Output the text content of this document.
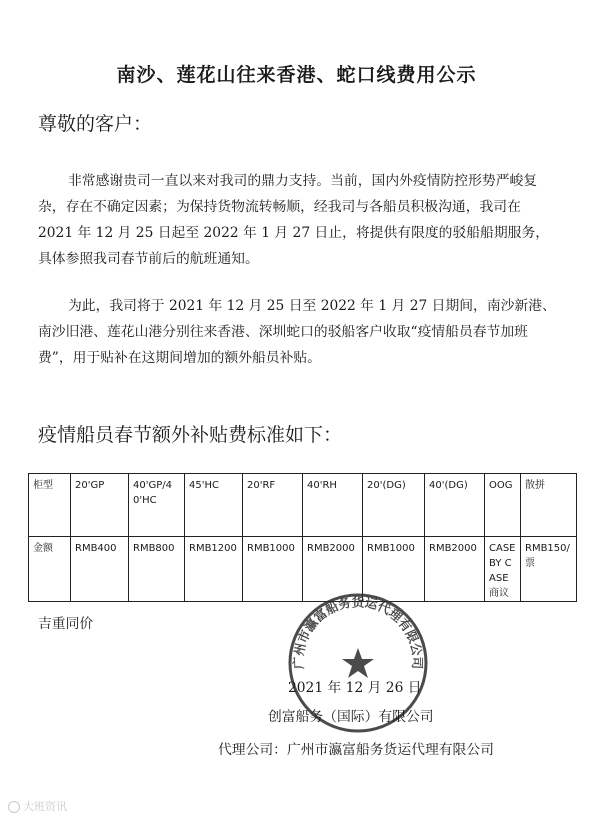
南沙、莲花山往来香港、蛇口线费用公示
尊敬的客户：
非常感谢贵司一直以来对我司的鼎力支持。当前，国内外疫情防控形势严峻复杂，存在不确定因素；为保持货物流转畅顺，经我司与各船员积极沟通，我司在 2021 年 12 月 25 日起至 2022 年 1 月 27 日止，将提供有限度的驳船船期服务，具体参照我司春节前后的航班通知。
为此，我司将于 2021 年 12 月 25 日至 2022 年 1 月 27 日期间，南沙新港、南沙旧港、莲花山港分别往来香港、深圳蛇口的驳船客户收取“疫情船员春节加班费”，用于贴补在这期间增加的额外船员补贴。
疫情船员春节额外补贴费标准如下：
柜型	20'GP	40'GP/40'HC	45'HC	20'RF	40'RH	20'(DG)	40'(DG)	OOG	散拼
金额	RMB400	RMB800	RMB1200	RMB1000	RMB2000	RMB1000	RMB2000	CASE BY CASE 商议	RMB150/票
吉重同价
广州市瀛富船务货运代理有限公司
2021 年 12 月 26 日
创富船务（国际）有限公司
代理公司：广州市瀛富船务货运代理有限公司
大班资讯
